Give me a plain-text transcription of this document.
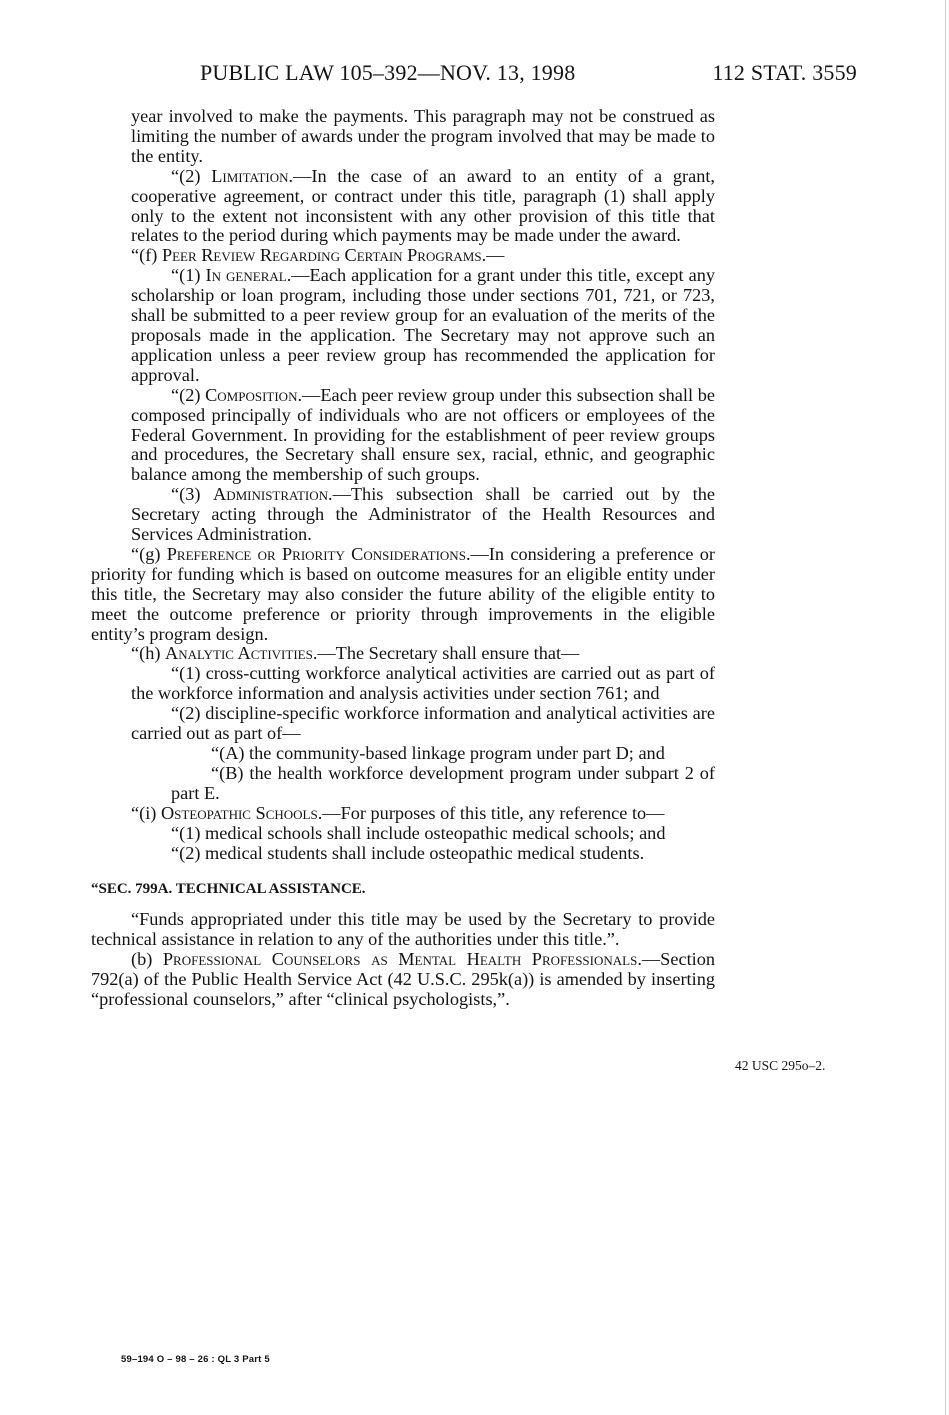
PUBLIC LAW 105–392—NOV. 13, 1998	112 STAT. 3559

year involved to make the payments. This paragraph may not be construed as limiting the number of awards under the program involved that may be made to the entity.

“(2) Limitation.—In the case of an award to an entity of a grant, cooperative agreement, or contract under this title, paragraph (1) shall apply only to the extent not inconsistent with any other provision of this title that relates to the period during which payments may be made under the award.

“(f) Peer Review Regarding Certain Programs.—

“(1) In general.—Each application for a grant under this title, except any scholarship or loan program, including those under sections 701, 721, or 723, shall be submitted to a peer review group for an evaluation of the merits of the proposals made in the application. The Secretary may not approve such an application unless a peer review group has recommended the application for approval.

“(2) Composition.—Each peer review group under this subsection shall be composed principally of individuals who are not officers or employees of the Federal Government. In providing for the establishment of peer review groups and procedures, the Secretary shall ensure sex, racial, ethnic, and geographic balance among the membership of such groups.

“(3) Administration.—This subsection shall be carried out by the Secretary acting through the Administrator of the Health Resources and Services Administration.

“(g) Preference or Priority Considerations.—In considering a preference or priority for funding which is based on outcome measures for an eligible entity under this title, the Secretary may also consider the future ability of the eligible entity to meet the outcome preference or priority through improvements in the eligible entity’s program design.

“(h) Analytic Activities.—The Secretary shall ensure that—

“(1) cross-cutting workforce analytical activities are carried out as part of the workforce information and analysis activities under section 761; and

“(2) discipline-specific workforce information and analytical activities are carried out as part of—

“(A) the community-based linkage program under part D; and

“(B) the health workforce development program under subpart 2 of part E.

“(i) Osteopathic Schools.—For purposes of this title, any reference to—

“(1) medical schools shall include osteopathic medical schools; and

“(2) medical students shall include osteopathic medical students.

“SEC. 799A. TECHNICAL ASSISTANCE.

“Funds appropriated under this title may be used by the Secretary to provide technical assistance in relation to any of the authorities under this title.”.

(b) Professional Counselors as Mental Health Professionals.—Section 792(a) of the Public Health Service Act (42 U.S.C. 295k(a)) is amended by inserting “professional counselors,” after “clinical psychologists,”.

42 USC 295o–2.
59–194 O – 98 – 26 : QL 3 Part 5
